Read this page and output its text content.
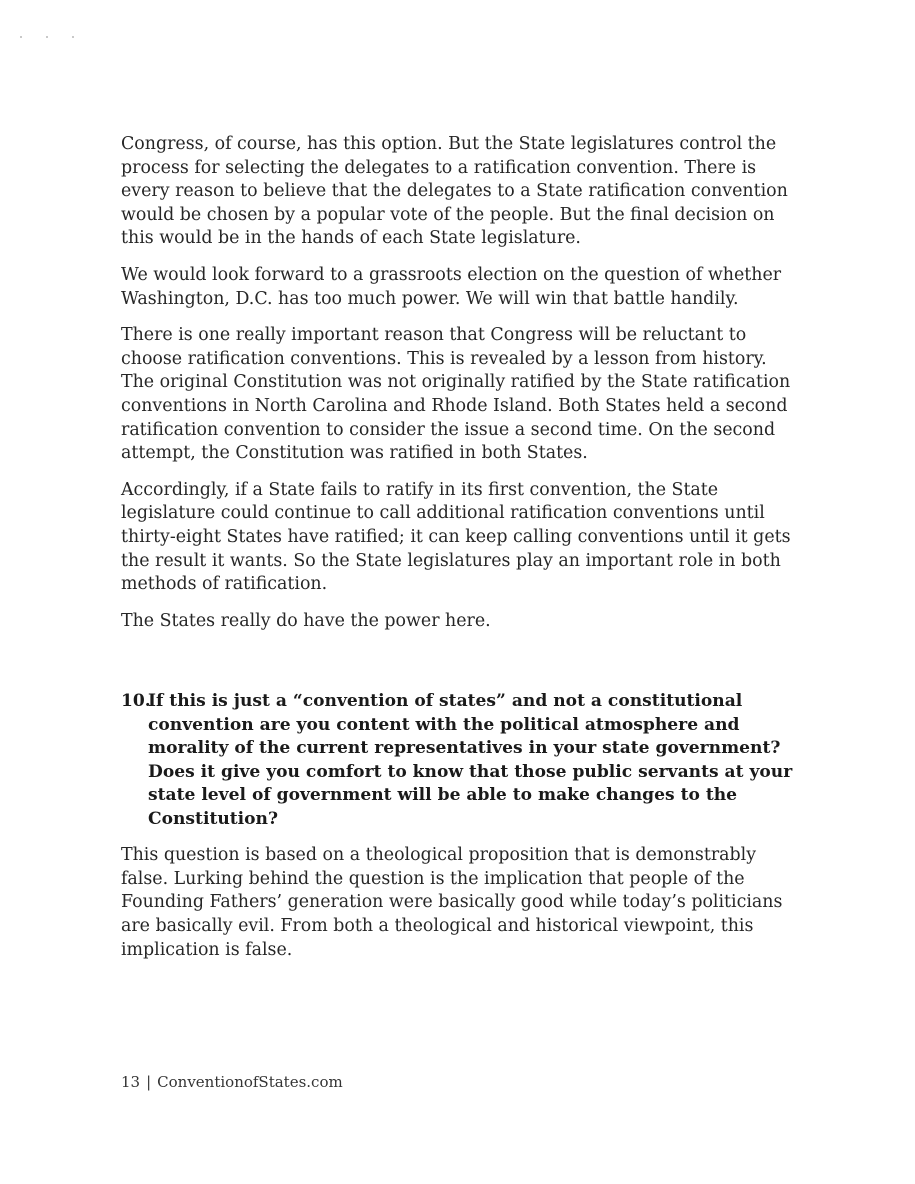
Congress, of course, has this option. But the State legislatures control the process for selecting the delegates to a ratification convention. There is every reason to believe that the delegates to a State ratification convention would be chosen by a popular vote of the people. But the final decision on this would be in the hands of each State legislature.

We would look forward to a grassroots election on the question of whether Washington, D.C. has too much power. We will win that battle handily.

There is one really important reason that Congress will be reluctant to choose ratification conventions. This is revealed by a lesson from history. The original Constitution was not originally ratified by the State ratification conventions in North Carolina and Rhode Island. Both States held a second ratification convention to consider the issue a second time. On the second attempt, the Constitution was ratified in both States.

Accordingly, if a State fails to ratify in its first convention, the State legislature could continue to call additional ratification conventions until thirty-eight States have ratified; it can keep calling conventions until it gets the result it wants. So the State legislatures play an important role in both methods of ratification.

The States really do have the power here.

10.
If this is just a “convention of states” and not a constitutional convention are you content with the political atmosphere and morality of the current representatives in your state government? Does it give you comfort to know that those public servants at your state level of government will be able to make changes to the Constitution?

This question is based on a theological proposition that is demonstrably false. Lurking behind the question is the implication that people of the Founding Fathers’ generation were basically good while today’s politicians are basically evil. From both a theological and historical viewpoint, this implication is false.

13 | ConventionofStates.com
